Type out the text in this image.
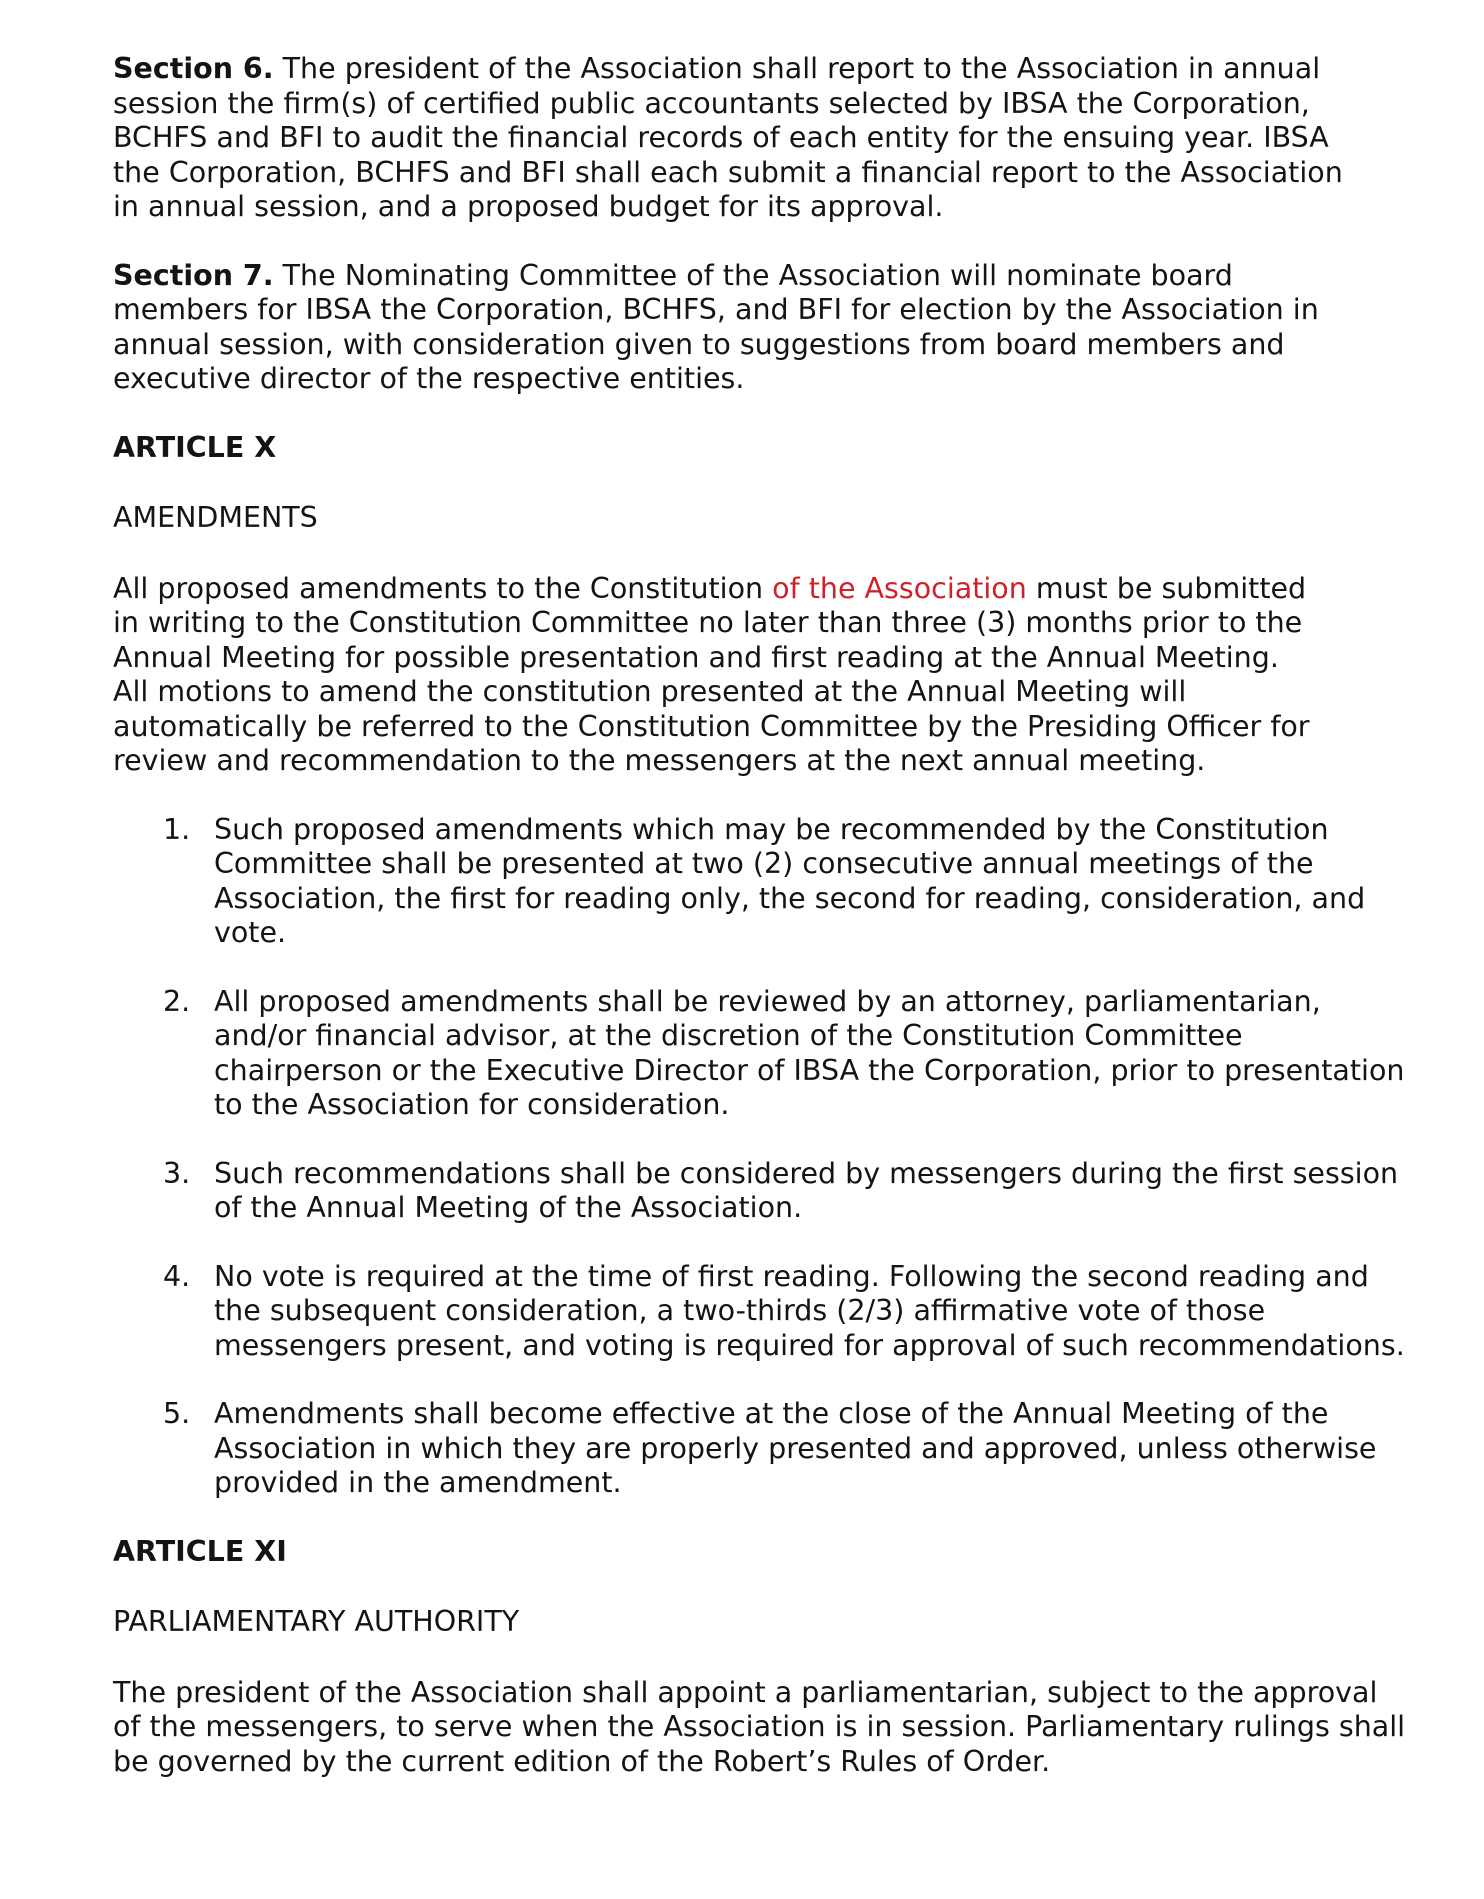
Section 6. The president of the Association shall report to the Association in annual session the firm(s) of certified public accountants selected by IBSA the Corporation, BCHFS and BFI to audit the financial records of each entity for the ensuing year. IBSA the Corporation, BCHFS and BFI shall each submit a financial report to the Association in annual session, and a proposed budget for its approval.

Section 7. The Nominating Committee of the Association will nominate board members for IBSA the Corporation, BCHFS, and BFI for election by the Association in annual session, with consideration given to suggestions from board members and executive director of the respective entities.

ARTICLE X

AMENDMENTS

All proposed amendments to the Constitution of the Association must be submitted in writing to the Constitution Committee no later than three (3) months prior to the Annual Meeting for possible presentation and first reading at the Annual Meeting. All motions to amend the constitution presented at the Annual Meeting will automatically be referred to the Constitution Committee by the Presiding Officer for review and recommendation to the messengers at the next annual meeting.

1. Such proposed amendments which may be recommended by the Constitution Committee shall be presented at two (2) consecutive annual meetings of the Association, the first for reading only, the second for reading, consideration, and vote.
2. All proposed amendments shall be reviewed by an attorney, parliamentarian, and/or financial advisor, at the discretion of the Constitution Committee chairperson or the Executive Director of IBSA the Corporation, prior to presentation to the Association for consideration.
3. Such recommendations shall be considered by messengers during the first session of the Annual Meeting of the Association.
4. No vote is required at the time of first reading. Following the second reading and the subsequent consideration, a two-thirds (2/3) affirmative vote of those messengers present, and voting is required for approval of such recommendations.
5. Amendments shall become effective at the close of the Annual Meeting of the Association in which they are properly presented and approved, unless otherwise provided in the amendment.

ARTICLE XI

PARLIAMENTARY AUTHORITY

The president of the Association shall appoint a parliamentarian, subject to the approval of the messengers, to serve when the Association is in session. Parliamentary rulings shall be governed by the current edition of the Robert’s Rules of Order.
